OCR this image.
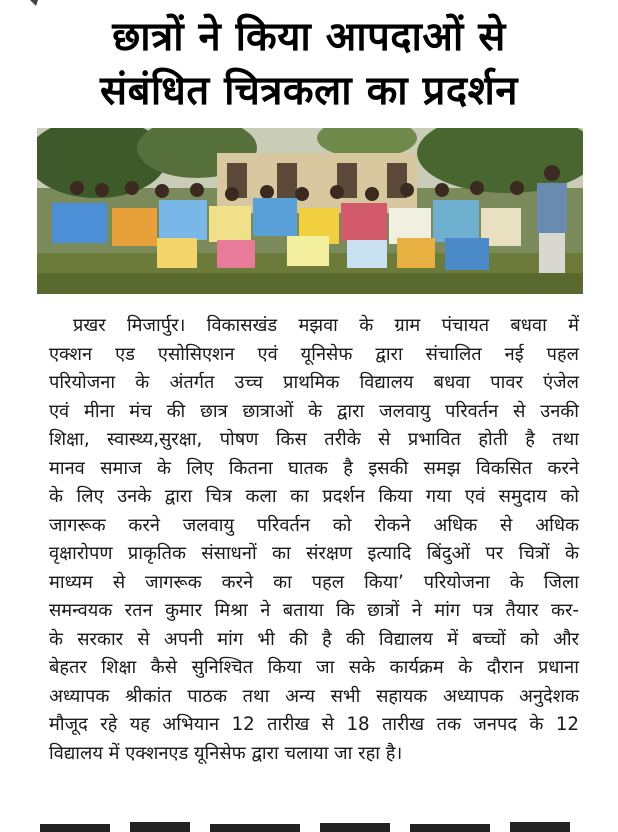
छात्रों ने किया आपदाओं से
संबंधित चित्रकला का प्रदर्शन
प्रखर मिजार्पुर। विकासखंड मझवा के ग्राम पंचायत बधवा में
एक्शन एड एसोसिएशन एवं यूनिसेफ द्वारा संचालित नई पहल
परियोजना के अंतर्गत उच्च प्राथमिक विद्यालय बधवा पावर एंजेल
एवं मीना मंच की छात्र छात्राओं के द्वारा जलवायु परिवर्तन से उनकी
शिक्षा, स्वास्थ्य,सुरक्षा, पोषण किस तरीके से प्रभावित होती है तथा
मानव समाज के लिए कितना घातक है इसकी समझ विकसित करने
के लिए उनके द्वारा चित्र कला का प्रदर्शन किया गया एवं समुदाय को
जागरूक करने जलवायु परिवर्तन को रोकने अधिक से अधिक
वृक्षारोपण प्राकृतिक संसाधनों का संरक्षण इत्यादि बिंदुओं पर चित्रों के
माध्यम से जागरूक करने का पहल किया’ परियोजना के जिला
समन्वयक रतन कुमार मिश्रा ने बताया कि छात्रों ने मांग पत्र तैयार कर-
के सरकार से अपनी मांग भी की है की विद्यालय में बच्चों को और
बेहतर शिक्षा कैसे सुनिश्चित किया जा सके कार्यक्रम के दौरान प्रधाना
अध्यापक श्रीकांत पाठक तथा अन्य सभी सहायक अध्यापक अनुदेशक
मौजूद रहे यह अभियान 12 तारीख से 18 तारीख तक जनपद के 12
विद्यालय में एक्शनएड यूनिसेफ द्वारा चलाया जा रहा है।
